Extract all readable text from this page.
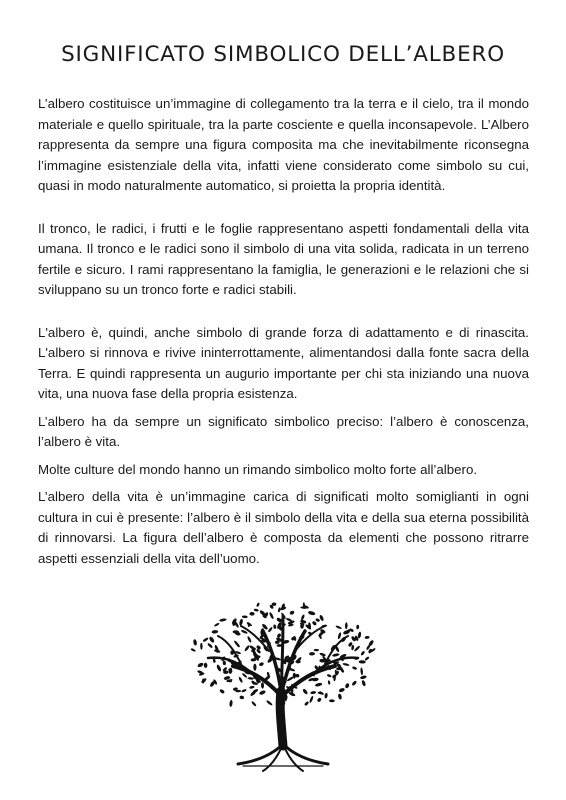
SIGNIFICATO SIMBOLICO DELL’ALBERO

L’albero costituisce un’immagine di collegamento tra la terra e il cielo, tra il mondo materiale e quello spirituale, tra la parte cosciente e quella inconsapevole. L’Albero rappresenta da sempre una figura composita ma che inevitabilmente riconsegna l’immagine esistenziale della vita, infatti viene considerato come simbolo su cui, quasi in modo naturalmente automatico, si proietta la propria identità.

Il tronco, le radici, i frutti e le foglie rappresentano aspetti fondamentali della vita umana. Il tronco e le radici sono il simbolo di una vita solida, radicata in un terreno fertile e sicuro. I rami rappresentano la famiglia, le generazioni e le relazioni che si sviluppano su un tronco forte e radici stabili.

L'albero è, quindi, anche simbolo di grande forza di adattamento e di rinascita. L'albero si rinnova e rivive ininterrottamente, alimentandosi dalla fonte sacra della Terra. E quindi rappresenta un augurio importante per chi sta iniziando una nuova vita, una nuova fase della propria esistenza.

L’albero ha da sempre un significato simbolico preciso: l’albero è conoscenza, l’albero è vita.

Molte culture del mondo hanno un rimando simbolico molto forte all’albero.

L’albero della vita è un’immagine carica di significati molto somiglianti in ogni cultura in cui è presente: l’albero è il simbolo della vita e della sua eterna possibilità di rinnovarsi. La figura dell’albero è composta da elementi che possono ritrarre aspetti essenziali della vita dell’uomo.
